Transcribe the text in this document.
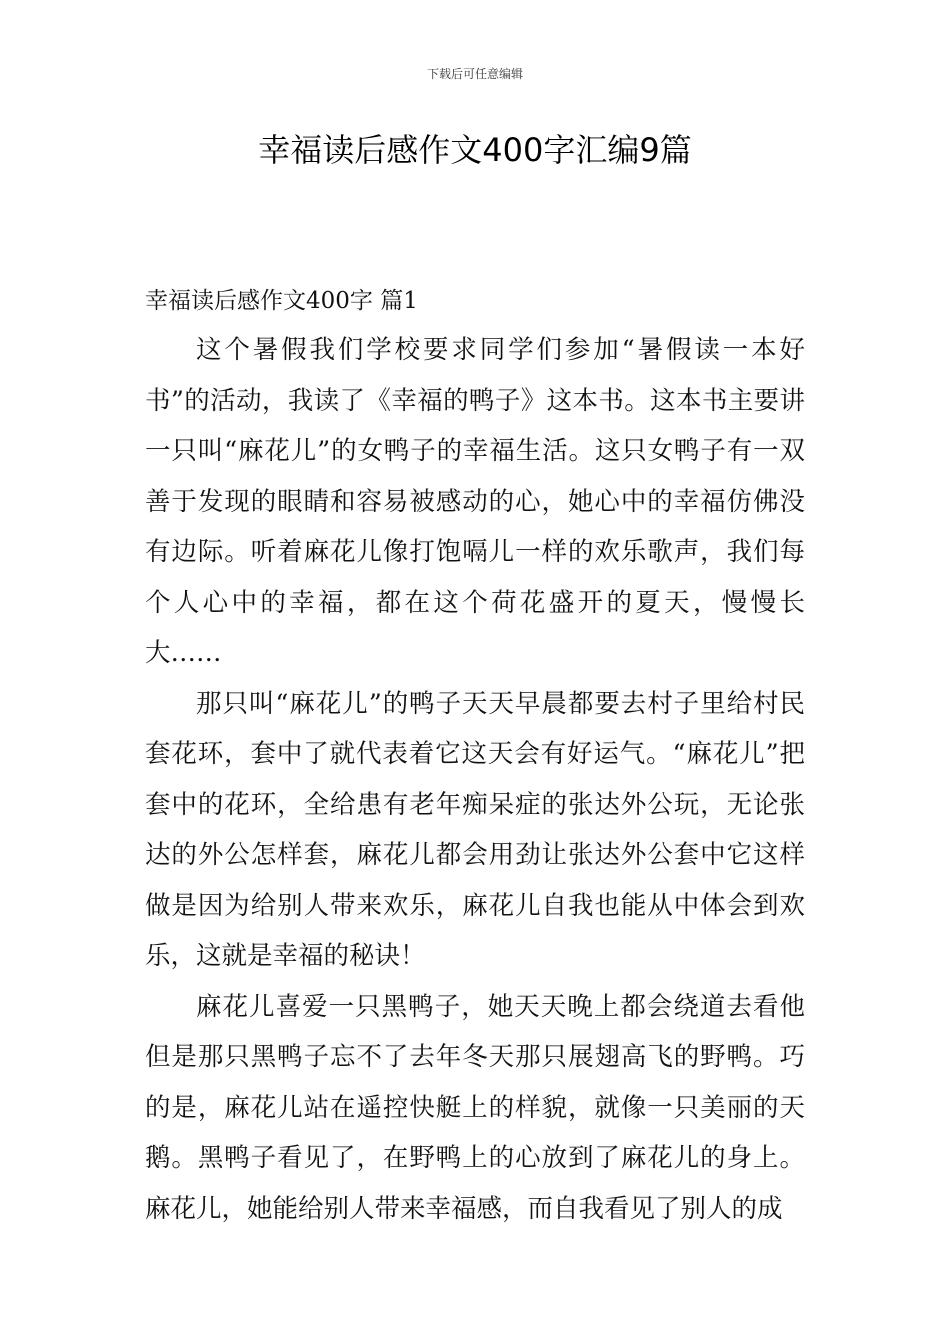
下载后可任意编辑
幸福读后感作文400字汇编9篇
幸福读后感作文400字 篇1

这个暑假我们学校要求同学们参加“暑假读一本好书”的活动，我读了《幸福的鸭子》这本书。这本书主要讲一只叫“麻花儿”的女鸭子的幸福生活。这只女鸭子有一双善于发现的眼睛和容易被感动的心，她心中的幸福仿佛没有边际。听着麻花儿像打饱嗝儿一样的欢乐歌声，我们每个人心中的幸福，都在这个荷花盛开的夏天，慢慢长大……

那只叫“麻花儿”的鸭子天天早晨都要去村子里给村民套花环，套中了就代表着它这天会有好运气。“麻花儿”把套中的花环，全给患有老年痴呆症的张达外公玩，无论张达的外公怎样套，麻花儿都会用劲让张达外公套中它这样做是因为给别人带来欢乐，麻花儿自我也能从中体会到欢乐，这就是幸福的秘诀！

麻花儿喜爱一只黑鸭子，她天天晚上都会绕道去看他但是那只黑鸭子忘不了去年冬天那只展翅高飞的野鸭。巧的是，麻花儿站在遥控快艇上的样貌，就像一只美丽的天鹅。黑鸭子看见了，在野鸭上的心放到了麻花儿的身上。麻花儿，她能给别人带来幸福感，而自我看见了别人的成
